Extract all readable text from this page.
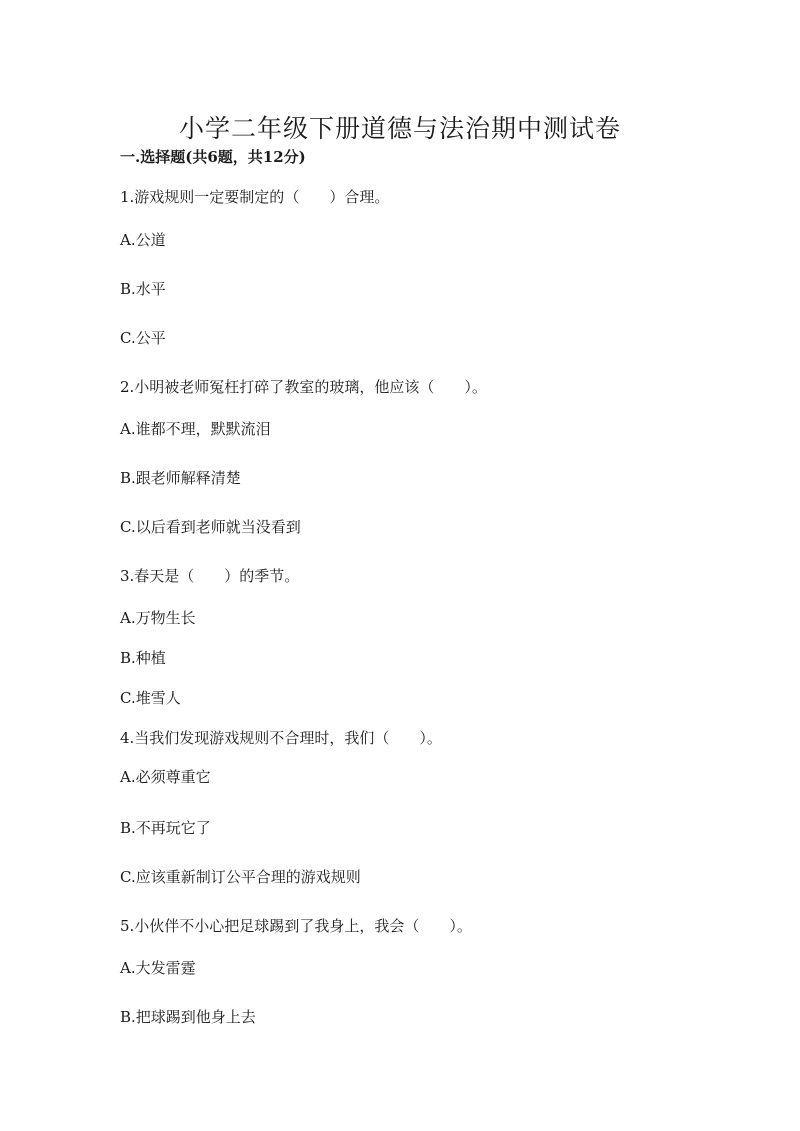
小学二年级下册道德与法治期中测试卷
一.选择题(共6题，共12分)
1.游戏规则一定要制定的（　　）合理。
A.公道
B.水平
C.公平
2.小明被老师冤枉打碎了教室的玻璃，他应该（　　）。
A.谁都不理，默默流泪
B.跟老师解释清楚
C.以后看到老师就当没看到
3.春天是（　　）的季节。
A.万物生长
B.种植
C.堆雪人
4.当我们发现游戏规则不合理时，我们（　　）。
A.必须尊重它
B.不再玩它了
C.应该重新制订公平合理的游戏规则
5.小伙伴不小心把足球踢到了我身上，我会（　　）。
A.大发雷霆
B.把球踢到他身上去
